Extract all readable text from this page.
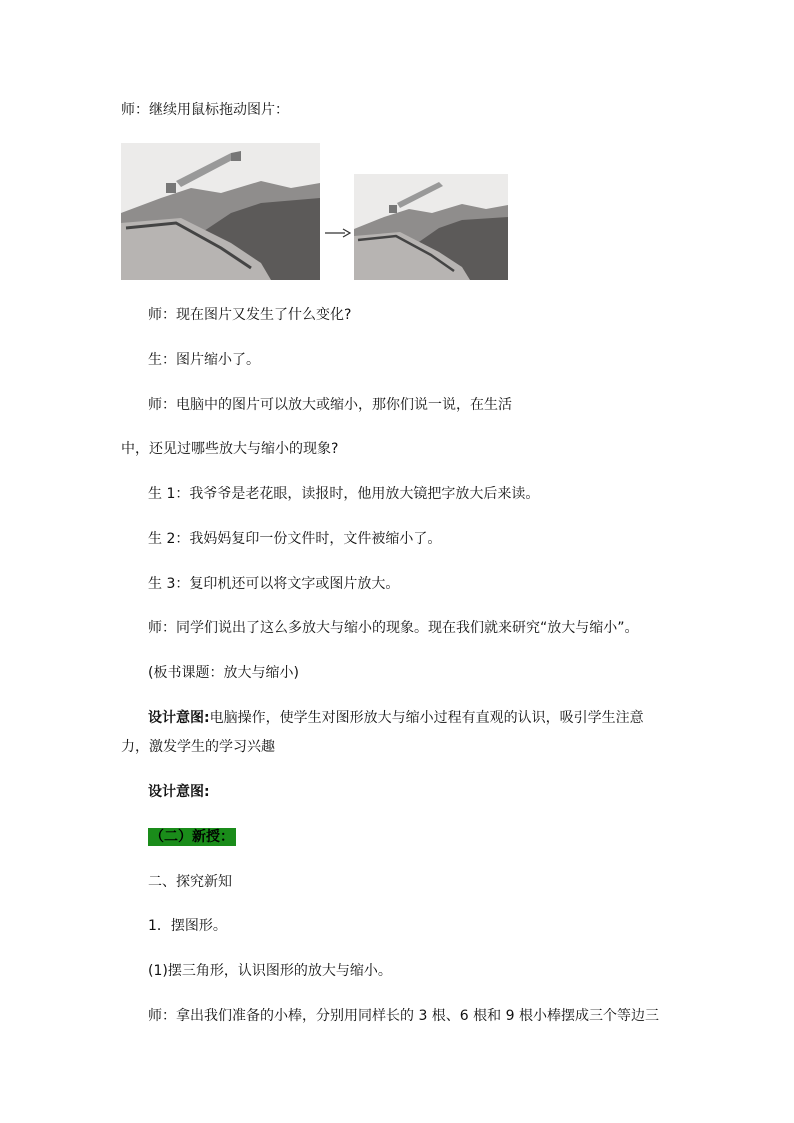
师：继续用鼠标拖动图片：

师：现在图片又发生了什么变化?

生：图片缩小了。

师：电脑中的图片可以放大或缩小，那你们说一说，在生活

中，还见过哪些放大与缩小的现象?

生 1：我爷爷是老花眼，读报时，他用放大镜把字放大后来读。

生 2：我妈妈复印一份文件时，文件被缩小了。

生 3：复印机还可以将文字或图片放大。

师：同学们说出了这么多放大与缩小的现象。现在我们就来研究“放大与缩小”。

(板书课题：放大与缩小)

设计意图:电脑操作，使学生对图形放大与缩小过程有直观的认识，吸引学生注意

力，激发学生的学习兴趣

设计意图:

（二）新授：

二、探究新知

1．摆图形。

(1)摆三角形，认识图形的放大与缩小。

师：拿出我们准备的小棒，分别用同样长的 3 根、6 根和 9 根小棒摆成三个等边三
